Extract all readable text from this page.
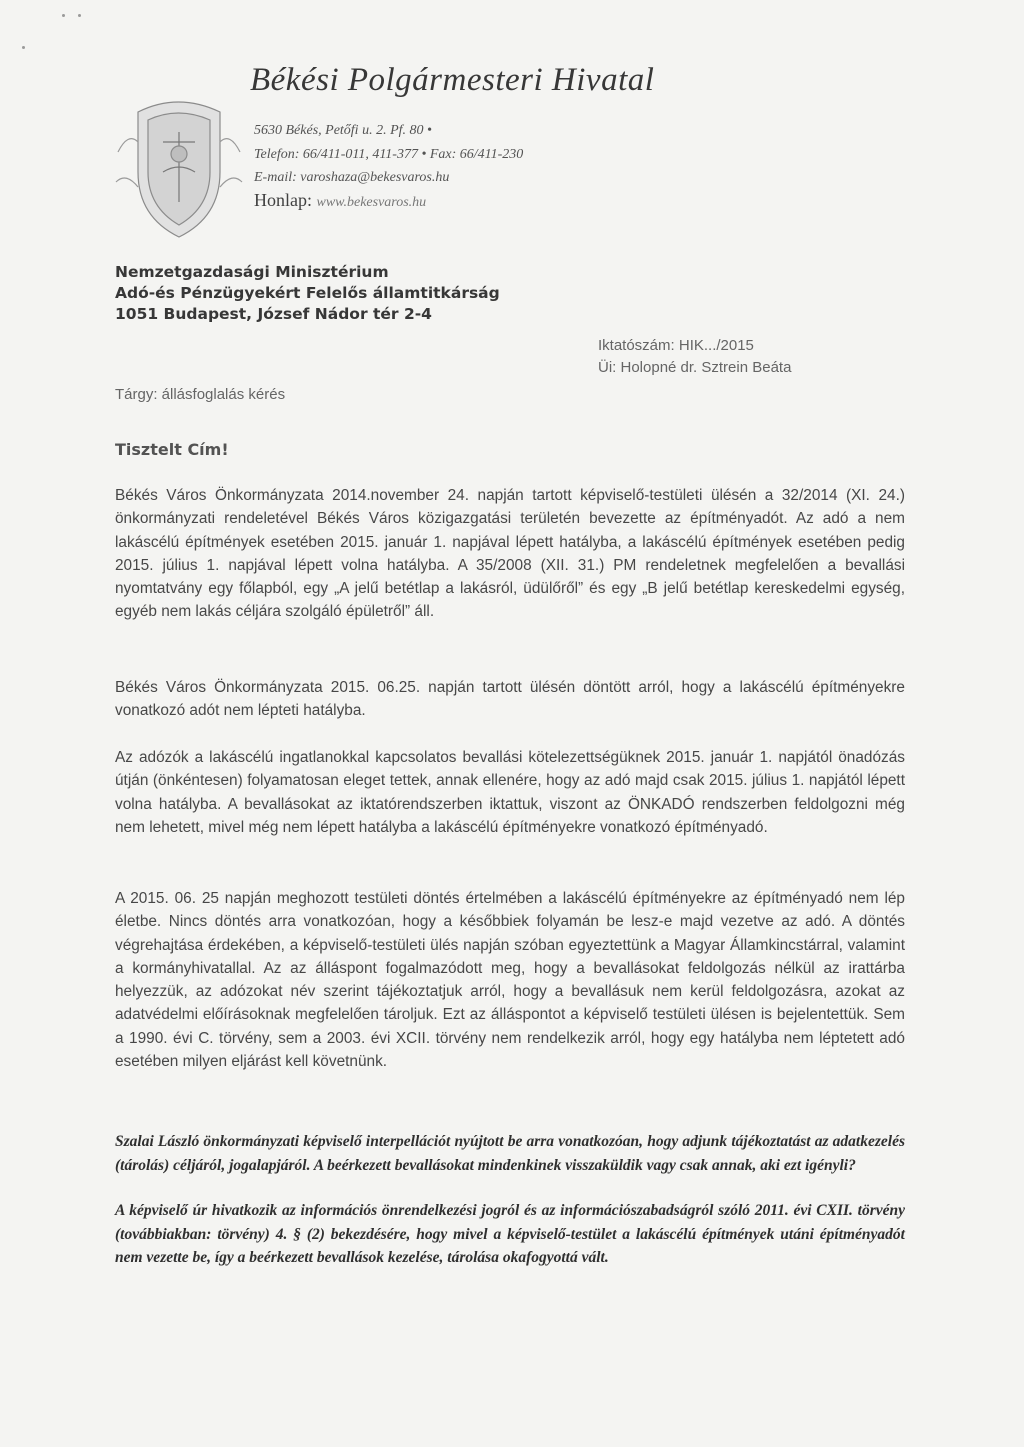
Békési Polgármesteri Hivatal
5630 Békés, Petőfi u. 2. Pf. 80 •
Telefon: 66/411-011, 411-377 • Fax: 66/411-230
E-mail: varoshaza@bekesvaros.hu
Honlap: www.bekesvaros.hu
Nemzetgazdasági Minisztérium
Adó-és Pénzügyekért Felelős államtitkárság
1051 Budapest, József Nádor tér 2-4
Iktatószám: HIK.../2015
Üi: Holopné dr. Sztrein Beáta
Tárgy: állásfoglalás kérés
Tisztelt Cím!
Békés Város Önkormányzata 2014.november 24. napján tartott képviselő-testületi ülésén a 32/2014 (XI. 24.) önkormányzati rendeletével Békés Város közigazgatási területén bevezette az építményadót. Az adó a nem lakáscélú építmények esetében 2015. január 1. napjával lépett hatályba, a lakáscélú építmények esetében pedig 2015. július 1. napjával lépett volna hatályba. A 35/2008 (XII. 31.) PM rendeletnek megfelelően a bevallási nyomtatvány egy főlapból, egy „A jelű betétlap a lakásról, üdülőről” és egy „B jelű betétlap kereskedelmi egység, egyéb nem lakás céljára szolgáló épületről” áll.
Békés Város Önkormányzata 2015. 06.25. napján tartott ülésén döntött arról, hogy a lakáscélú építményekre vonatkozó adót nem lépteti hatályba.
Az adózók a lakáscélú ingatlanokkal kapcsolatos bevallási kötelezettségüknek 2015. január 1. napjától önadózás útján (önkéntesen) folyamatosan eleget tettek, annak ellenére, hogy az adó majd csak 2015. július 1. napjától lépett volna hatályba. A bevallásokat az iktatórendszerben iktattuk, viszont az ÖNKADÓ rendszerben feldolgozni még nem lehetett, mivel még nem lépett hatályba a lakáscélú építményekre vonatkozó építményadó.
A 2015. 06. 25 napján meghozott testületi döntés értelmében a lakáscélú építményekre az építményadó nem lép életbe. Nincs döntés arra vonatkozóan, hogy a későbbiek folyamán be lesz-e majd vezetve az adó. A döntés végrehajtása érdekében, a képviselő-testületi ülés napján szóban egyeztettünk a Magyar Államkincstárral, valamint a kormányhivatallal. Az az álláspont fogalmazódott meg, hogy a bevallásokat feldolgozás nélkül az irattárba helyezzük, az adózokat név szerint tájékoztatjuk arról, hogy a bevallásuk nem kerül feldolgozásra, azokat az adatvédelmi előírásoknak megfelelően tároljuk. Ezt az álláspontot a képviselő testületi ülésen is bejelentettük. Sem a 1990. évi C. törvény, sem a 2003. évi XCII. törvény nem rendelkezik arról, hogy egy hatályba nem léptetett adó esetében milyen eljárást kell követnünk.
Szalai László önkormányzati képviselő interpellációt nyújtott be arra vonatkozóan, hogy adjunk tájékoztatást az adatkezelés (tárolás) céljáról, jogalapjáról. A beérkezett bevallásokat mindenkinek visszaküldik vagy csak annak, aki ezt igényli?
A képviselő úr hivatkozik az információs önrendelkezési jogról és az információszabadságról szóló 2011. évi CXII. törvény (továbbiakban: törvény) 4. § (2) bekezdésére, hogy mivel a képviselő-testület a lakáscélú építmények utáni építményadót nem vezette be, így a beérkezett bevallások kezelése, tárolása okafogyottá vált.
